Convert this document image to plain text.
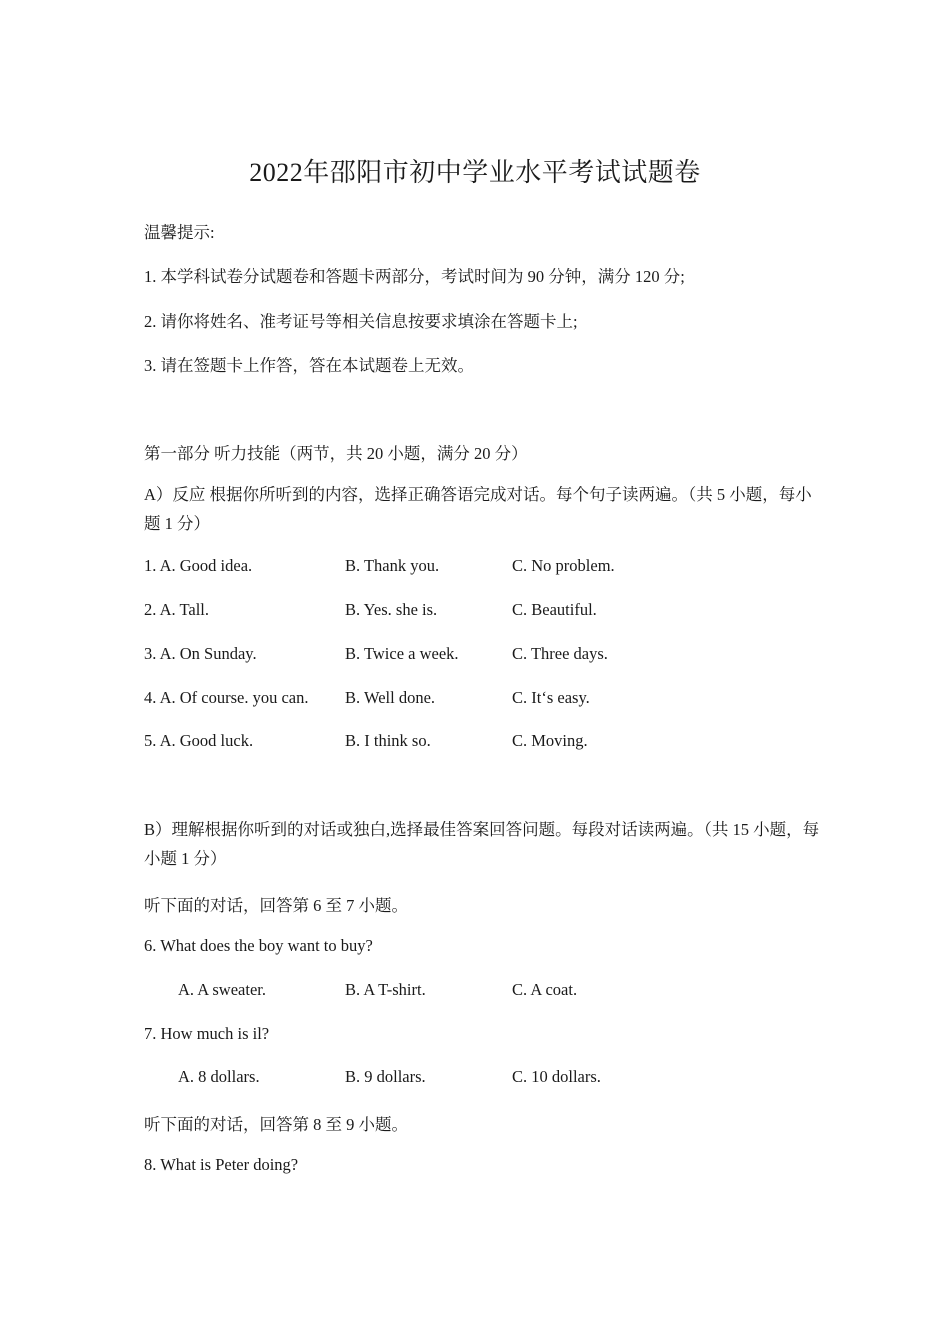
2022年邵阳市初中学业水平考试试题卷
温馨提示:
1. 本学科试卷分试题卷和答题卡两部分，考试时间为 90 分钟，满分 120 分;
2. 请你将姓名、准考证号等相关信息按要求填涂在答题卡上;
3. 请在签题卡上作答，答在本试题卷上无效。
第一部分 听力技能（两节，共 20 小题，满分 20 分）
A）反应 根据你所听到的内容，选择正确答语完成对话。每个句子读两遍。（共 5 小题，每小题 1 分）
1. A. Good idea.	B. Thank you.	C. No problem.
2. A. Tall.	B. Yes. she is.	C. Beautiful.
3. A. On Sunday.	B. Twice a week.	C. Three days.
4. A. Of course. you can. B. Well done.	C. It‘s easy.
5. A. Good luck.	B. I think so.	C. Moving.
B）理解根据你听到的对话或独白,选择最佳答案回答问题。每段对话读两遍。（共 15 小题，每小题 1 分）
听下面的对话，回答第 6 至 7 小题。
6. What does the boy want to buy?
A. A sweater.	B. A T-shirt.	C. A coat.
7. How much is il?
A. 8 dollars.	B. 9 dollars.	C. 10 dollars.
听下面的对话，回答第 8 至 9 小题。
8. What is Peter doing?
